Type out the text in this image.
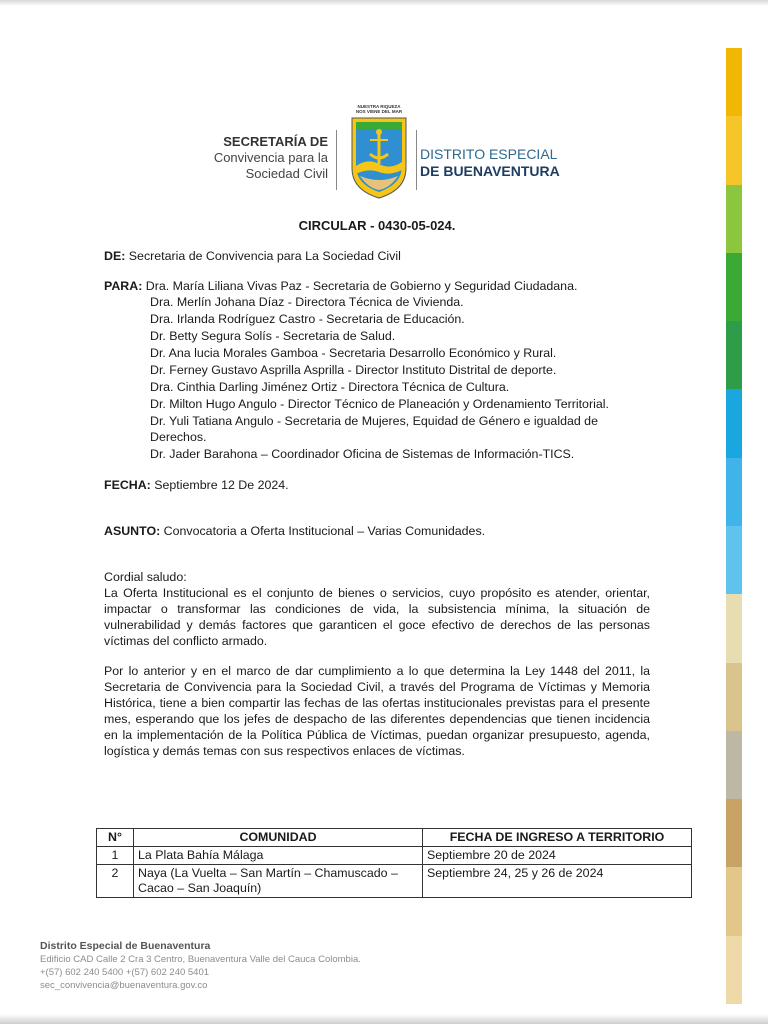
SECRETARÍA DE
Convivencia para la
Sociedad Civil
NUESTRA RIQUEZA
NOS VIENE DEL MAR
DISTRITO ESPECIAL
DE BUENAVENTURA
CIRCULAR - 0430-05-024.

DE: Secretaria de Convivencia para La Sociedad Civil

PARA: Dra. María Liliana Vivas Paz - Secretaria de Gobierno y Seguridad Ciudadana.

Dra. Merlín Johana Díaz - Directora Técnica de Vivienda.
Dra. Irlanda Rodríguez Castro - Secretaria de Educación.
Dr. Betty Segura Solís - Secretaria de Salud.
Dr. Ana lucia Morales Gamboa - Secretaria Desarrollo Económico y Rural.
Dr. Ferney Gustavo Asprilla Asprilla - Director Instituto Distrital de deporte.
Dra. Cinthia Darling Jiménez Ortiz - Directora Técnica de Cultura.
Dr. Milton Hugo Angulo - Director Técnico de Planeación y Ordenamiento Territorial.
Dr. Yuli Tatiana Angulo - Secretaria de Mujeres, Equidad de Género e igualdad de Derechos.
Dr. Jader Barahona – Coordinador Oficina de Sistemas de Información-TICS.

FECHA: Septiembre 12 De 2024.

ASUNTO: Convocatoria a Oferta Institucional – Varias Comunidades.

Cordial saludo:

La Oferta Institucional es el conjunto de bienes o servicios, cuyo propósito es atender, orientar, impactar o transformar las condiciones de vida, la subsistencia mínima, la situación de vulnerabilidad y demás factores que garanticen el goce efectivo de derechos de las personas víctimas del conflicto armado.

Por lo anterior y en el marco de dar cumplimiento a lo que determina la Ley 1448 del 2011, la Secretaria de Convivencia para la Sociedad Civil, a través del Programa de Víctimas y Memoria Histórica, tiene a bien compartir las fechas de las ofertas institucionales previstas para el presente mes, esperando que los jefes de despacho de las diferentes dependencias que tienen incidencia en la implementación de la Política Pública de Víctimas, puedan organizar presupuesto, agenda, logística y demás temas con sus respectivos enlaces de víctimas.

N°	COMUNIDAD	FECHA DE INGRESO A TERRITORIO
1	La Plata Bahía Málaga	Septiembre 20 de 2024
2	Naya (La Vuelta – San Martín – Chamuscado – Cacao – San Joaquín)	Septiembre 24, 25 y 26 de 2024
Distrito Especial de Buenaventura
Edificio CAD Calle 2 Cra 3 Centro, Buenaventura Valle del Cauca Colombia.
+(57) 602 240 5400 +(57) 602 240 5401
sec_convivencia@buenaventura.gov.co
